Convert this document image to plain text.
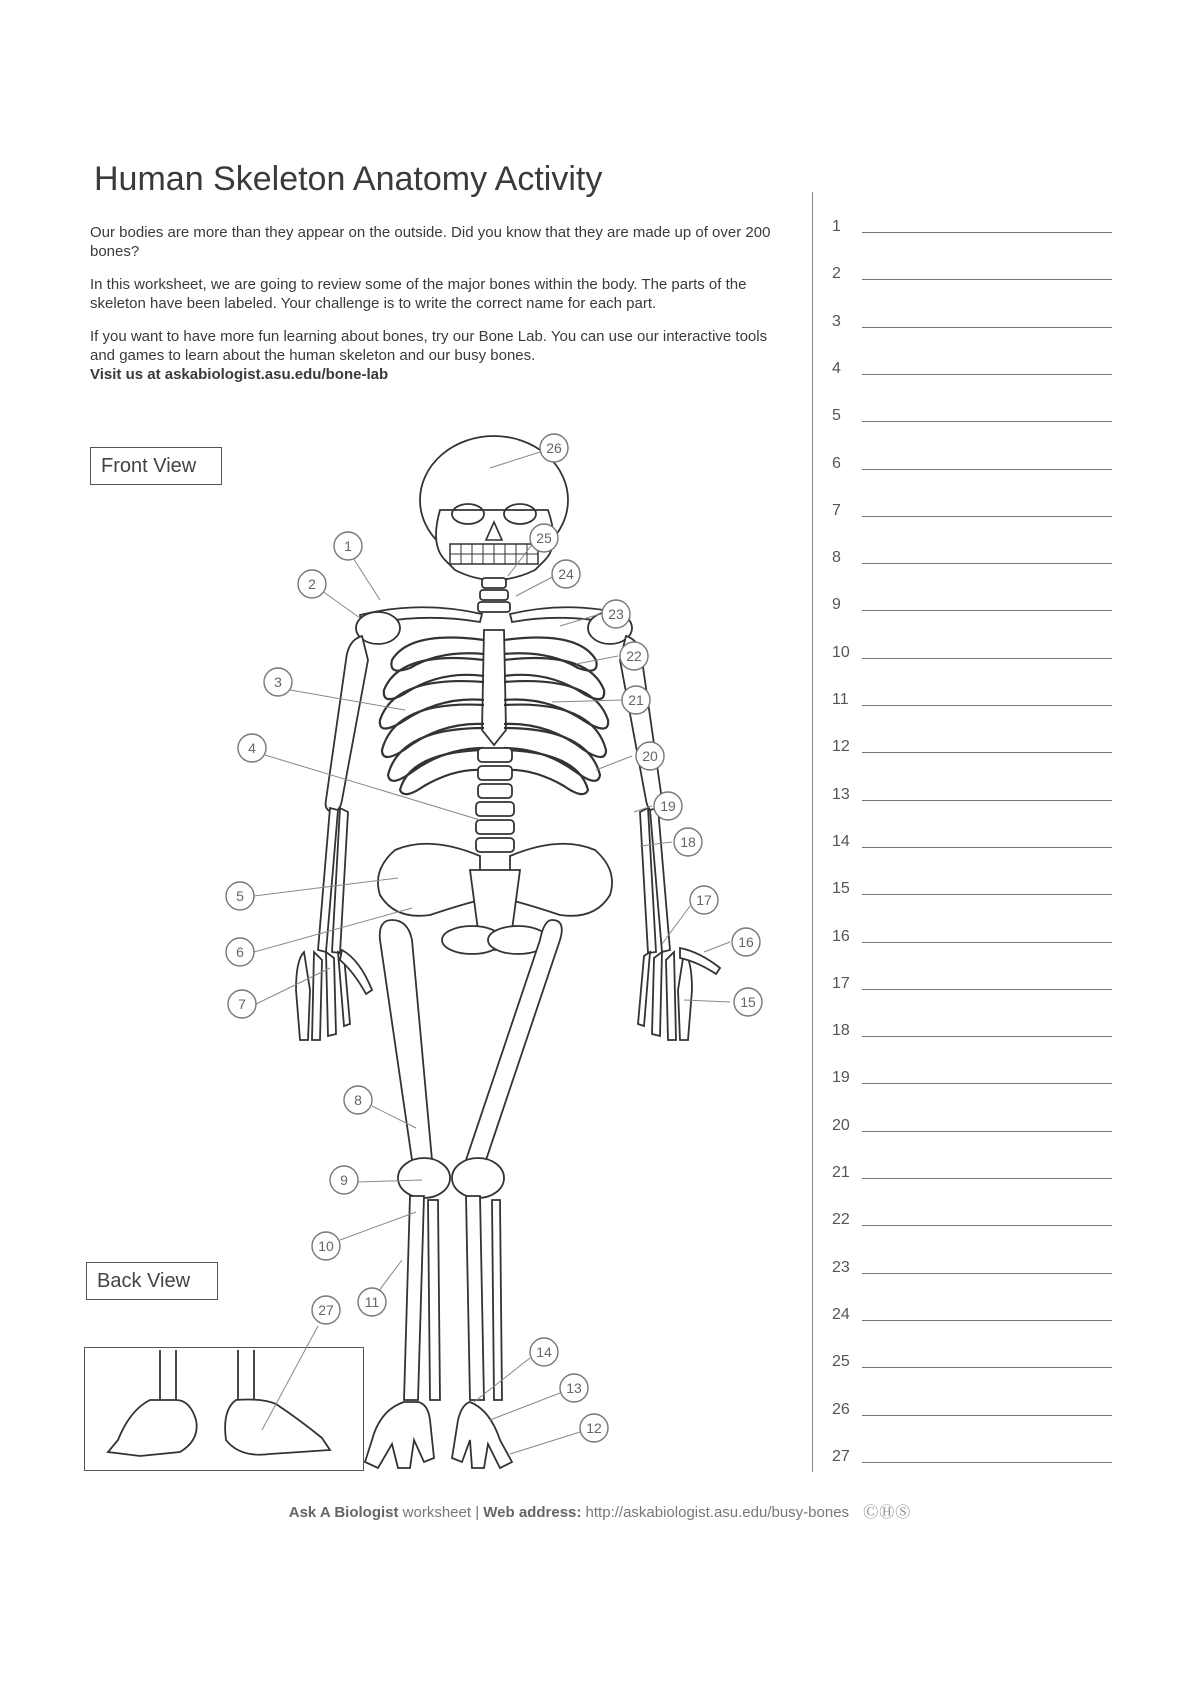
Human Skeleton Anatomy Activity

Our bodies are more than they appear on the outside. Did you know that they are made up of over 200 bones?

In this worksheet, we are going to review some of the major bones within the body. The parts of the skeleton have been labeled. Your challenge is to write the correct name for each part.

If you want to have more fun learning about bones, try our Bone Lab. You can use our interactive tools and games to learn about the human skeleton and our busy bones.
Visit us at askabiologist.asu.edu/bone-lab

Front View
Back View
1
2
3
4
5
6
7
8
9
10
11
12
13
14
15
16
17
18
19
20
21
22
23
24
25
26
27
1
2
3
4
5
6
7
8
9
10
11
12
13
14
15
16
17
18
19
20
21
22
23
24
25
26
27
Ask A Biologist worksheet | Web address: http://askabiologist.asu.edu/busy-bones ⒸⒽⓈ
